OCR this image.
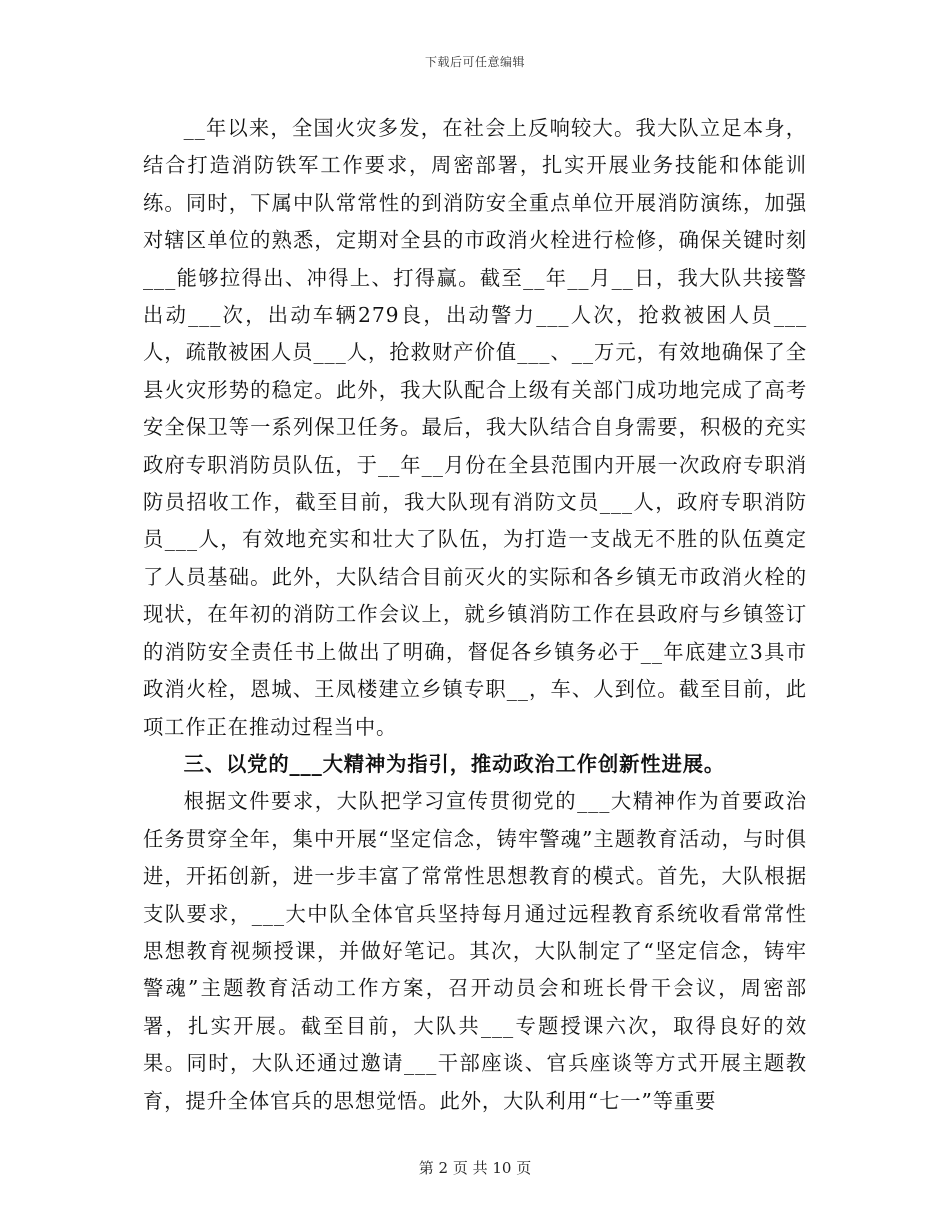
下载后可任意编辑

__年以来，全国火灾多发，在社会上反响较大。我大队立足本身，结合打造消防铁军工作要求，周密部署，扎实开展业务技能和体能训练。同时，下属中队常常性的到消防安全重点单位开展消防演练，加强对辖区单位的熟悉，定期对全县的市政消火栓进行检修，确保关键时刻___能够拉得出、冲得上、打得赢。截至__年__月__日，我大队共接警出动___次，出动车辆279良，出动警力___人次，抢救被困人员___人，疏散被困人员___人，抢救财产价值___、__万元，有效地确保了全县火灾形势的稳定。此外，我大队配合上级有关部门成功地完成了高考安全保卫等一系列保卫任务。最后，我大队结合自身需要，积极的充实政府专职消防员队伍，于__年__月份在全县范围内开展一次政府专职消防员招收工作，截至目前，我大队现有消防文员___人，政府专职消防员___人，有效地充实和壮大了队伍，为打造一支战无不胜的队伍奠定了人员基础。此外，大队结合目前灭火的实际和各乡镇无市政消火栓的现状，在年初的消防工作会议上，就乡镇消防工作在县政府与乡镇签订的消防安全责任书上做出了明确，督促各乡镇务必于__年底建立3具市政消火栓，恩城、王凤楼建立乡镇专职__，车、人到位。截至目前，此项工作正在推动过程当中。

三、以党的___大精神为指引，推动政治工作创新性进展。

根据文件要求，大队把学习宣传贯彻党的___大精神作为首要政治任务贯穿全年，集中开展“坚定信念，铸牢警魂”主题教育活动，与时俱进，开拓创新，进一步丰富了常常性思想教育的模式。首先，大队根据支队要求，___大中队全体官兵坚持每月通过远程教育系统收看常常性思想教育视频授课，并做好笔记。其次，大队制定了“坚定信念，铸牢警魂”主题教育活动工作方案，召开动员会和班长骨干会议，周密部署，扎实开展。截至目前，大队共___专题授课六次，取得良好的效果。同时，大队还通过邀请___干部座谈、官兵座谈等方式开展主题教育，提升全体官兵的思想觉悟。此外，大队利用“七一”等重要

第 2 页 共 10 页
